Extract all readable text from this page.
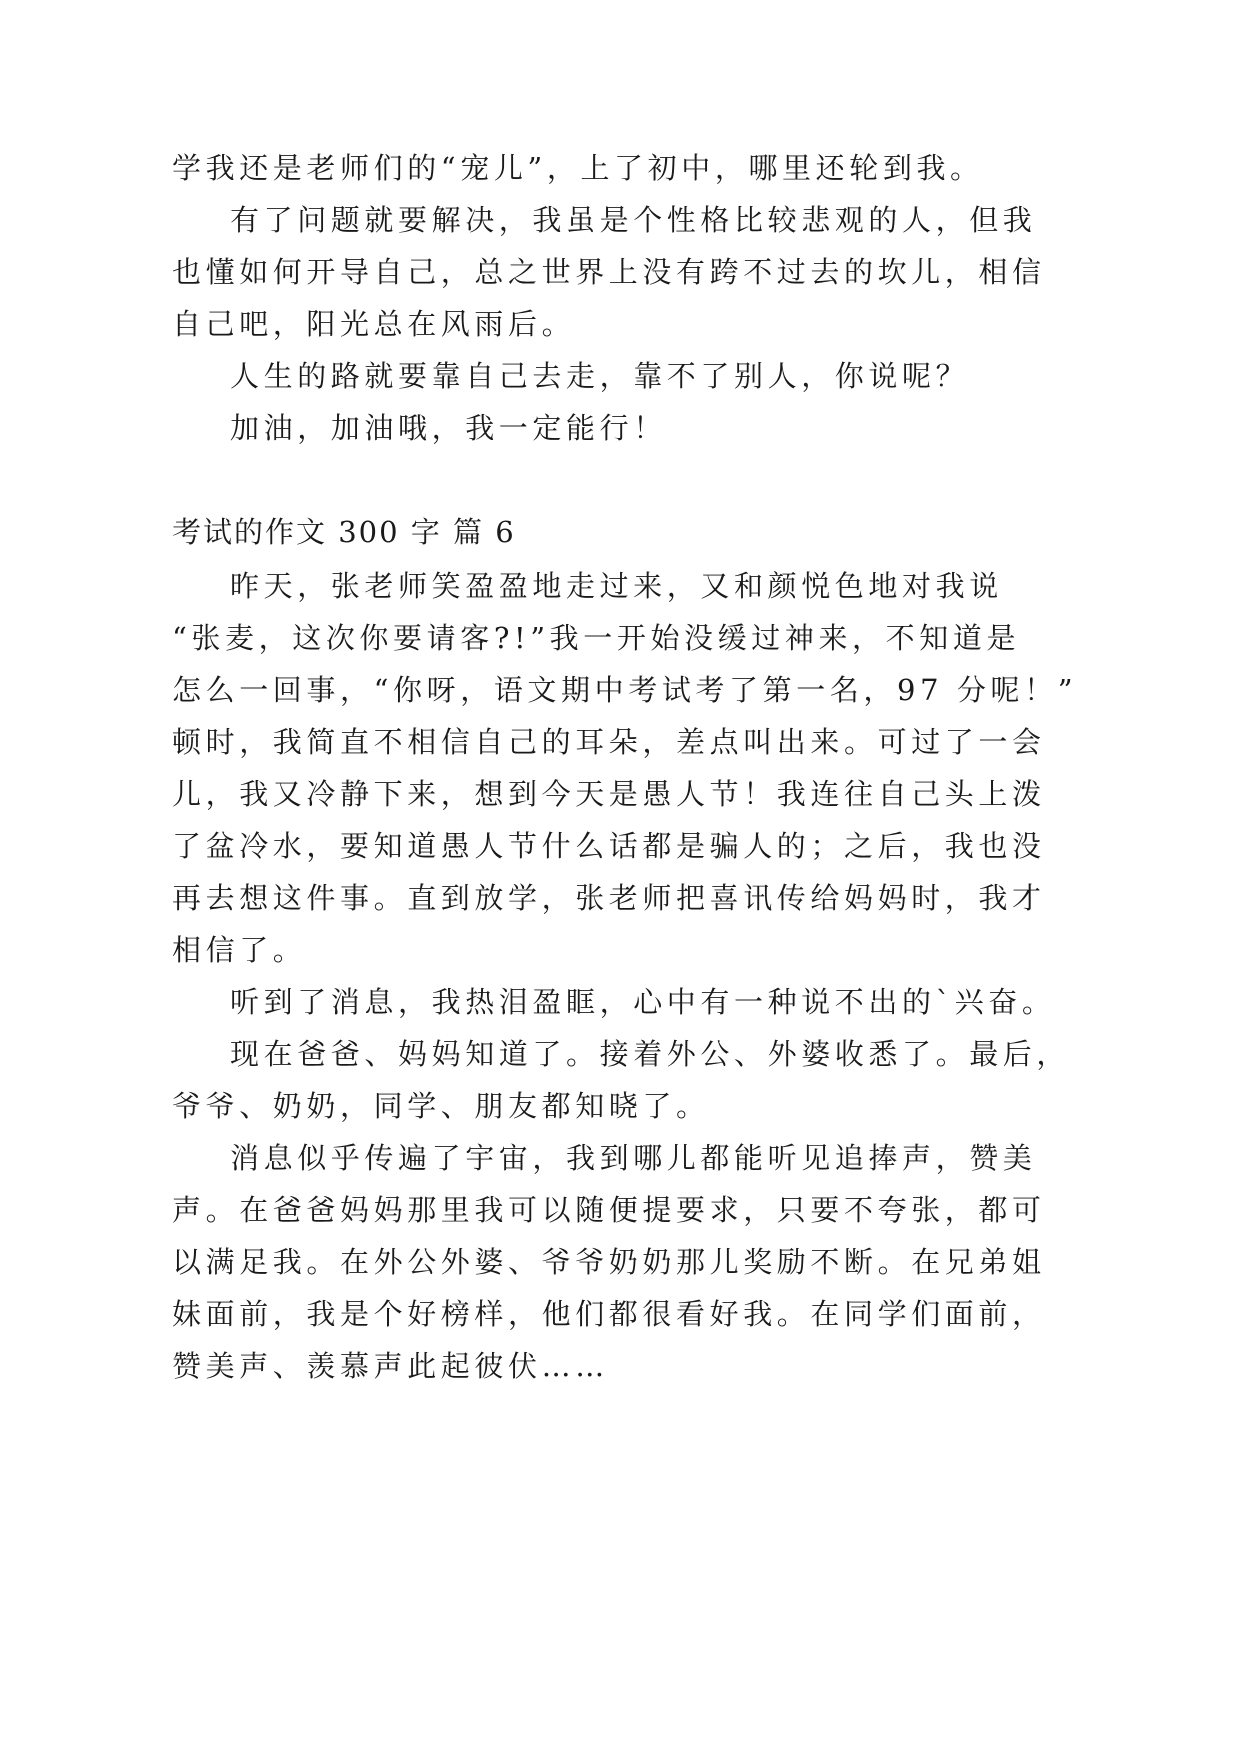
学我还是老师们的“宠儿”，上了初中，哪里还轮到我。
有了问题就要解决，我虽是个性格比较悲观的人，但我
也懂如何开导自己，总之世界上没有跨不过去的坎儿，相信
自己吧，阳光总在风雨后。
人生的路就要靠自己去走，靠不了别人，你说呢？
加油，加油哦，我一定能行！
考试的作文 300 字 篇 6
昨天，张老师笑盈盈地走过来，又和颜悦色地对我说
“张麦，这次你要请客?!”我一开始没缓过神来，不知道是
怎么一回事，“你呀，语文期中考试考了第一名，97 分呢！”
顿时，我简直不相信自己的耳朵，差点叫出来。可过了一会
儿，我又冷静下来，想到今天是愚人节！我连往自己头上泼
了盆冷水，要知道愚人节什么话都是骗人的；之后，我也没
再去想这件事。直到放学，张老师把喜讯传给妈妈时，我才
相信了。
听到了消息，我热泪盈眶，心中有一种说不出的`兴奋。
现在爸爸、妈妈知道了。接着外公、外婆收悉了。最后，
爷爷、奶奶，同学、朋友都知晓了。
消息似乎传遍了宇宙，我到哪儿都能听见追捧声，赞美
声。在爸爸妈妈那里我可以随便提要求，只要不夸张，都可
以满足我。在外公外婆、爷爷奶奶那儿奖励不断。在兄弟姐
妹面前，我是个好榜样，他们都很看好我。在同学们面前，
赞美声、羡慕声此起彼伏……
